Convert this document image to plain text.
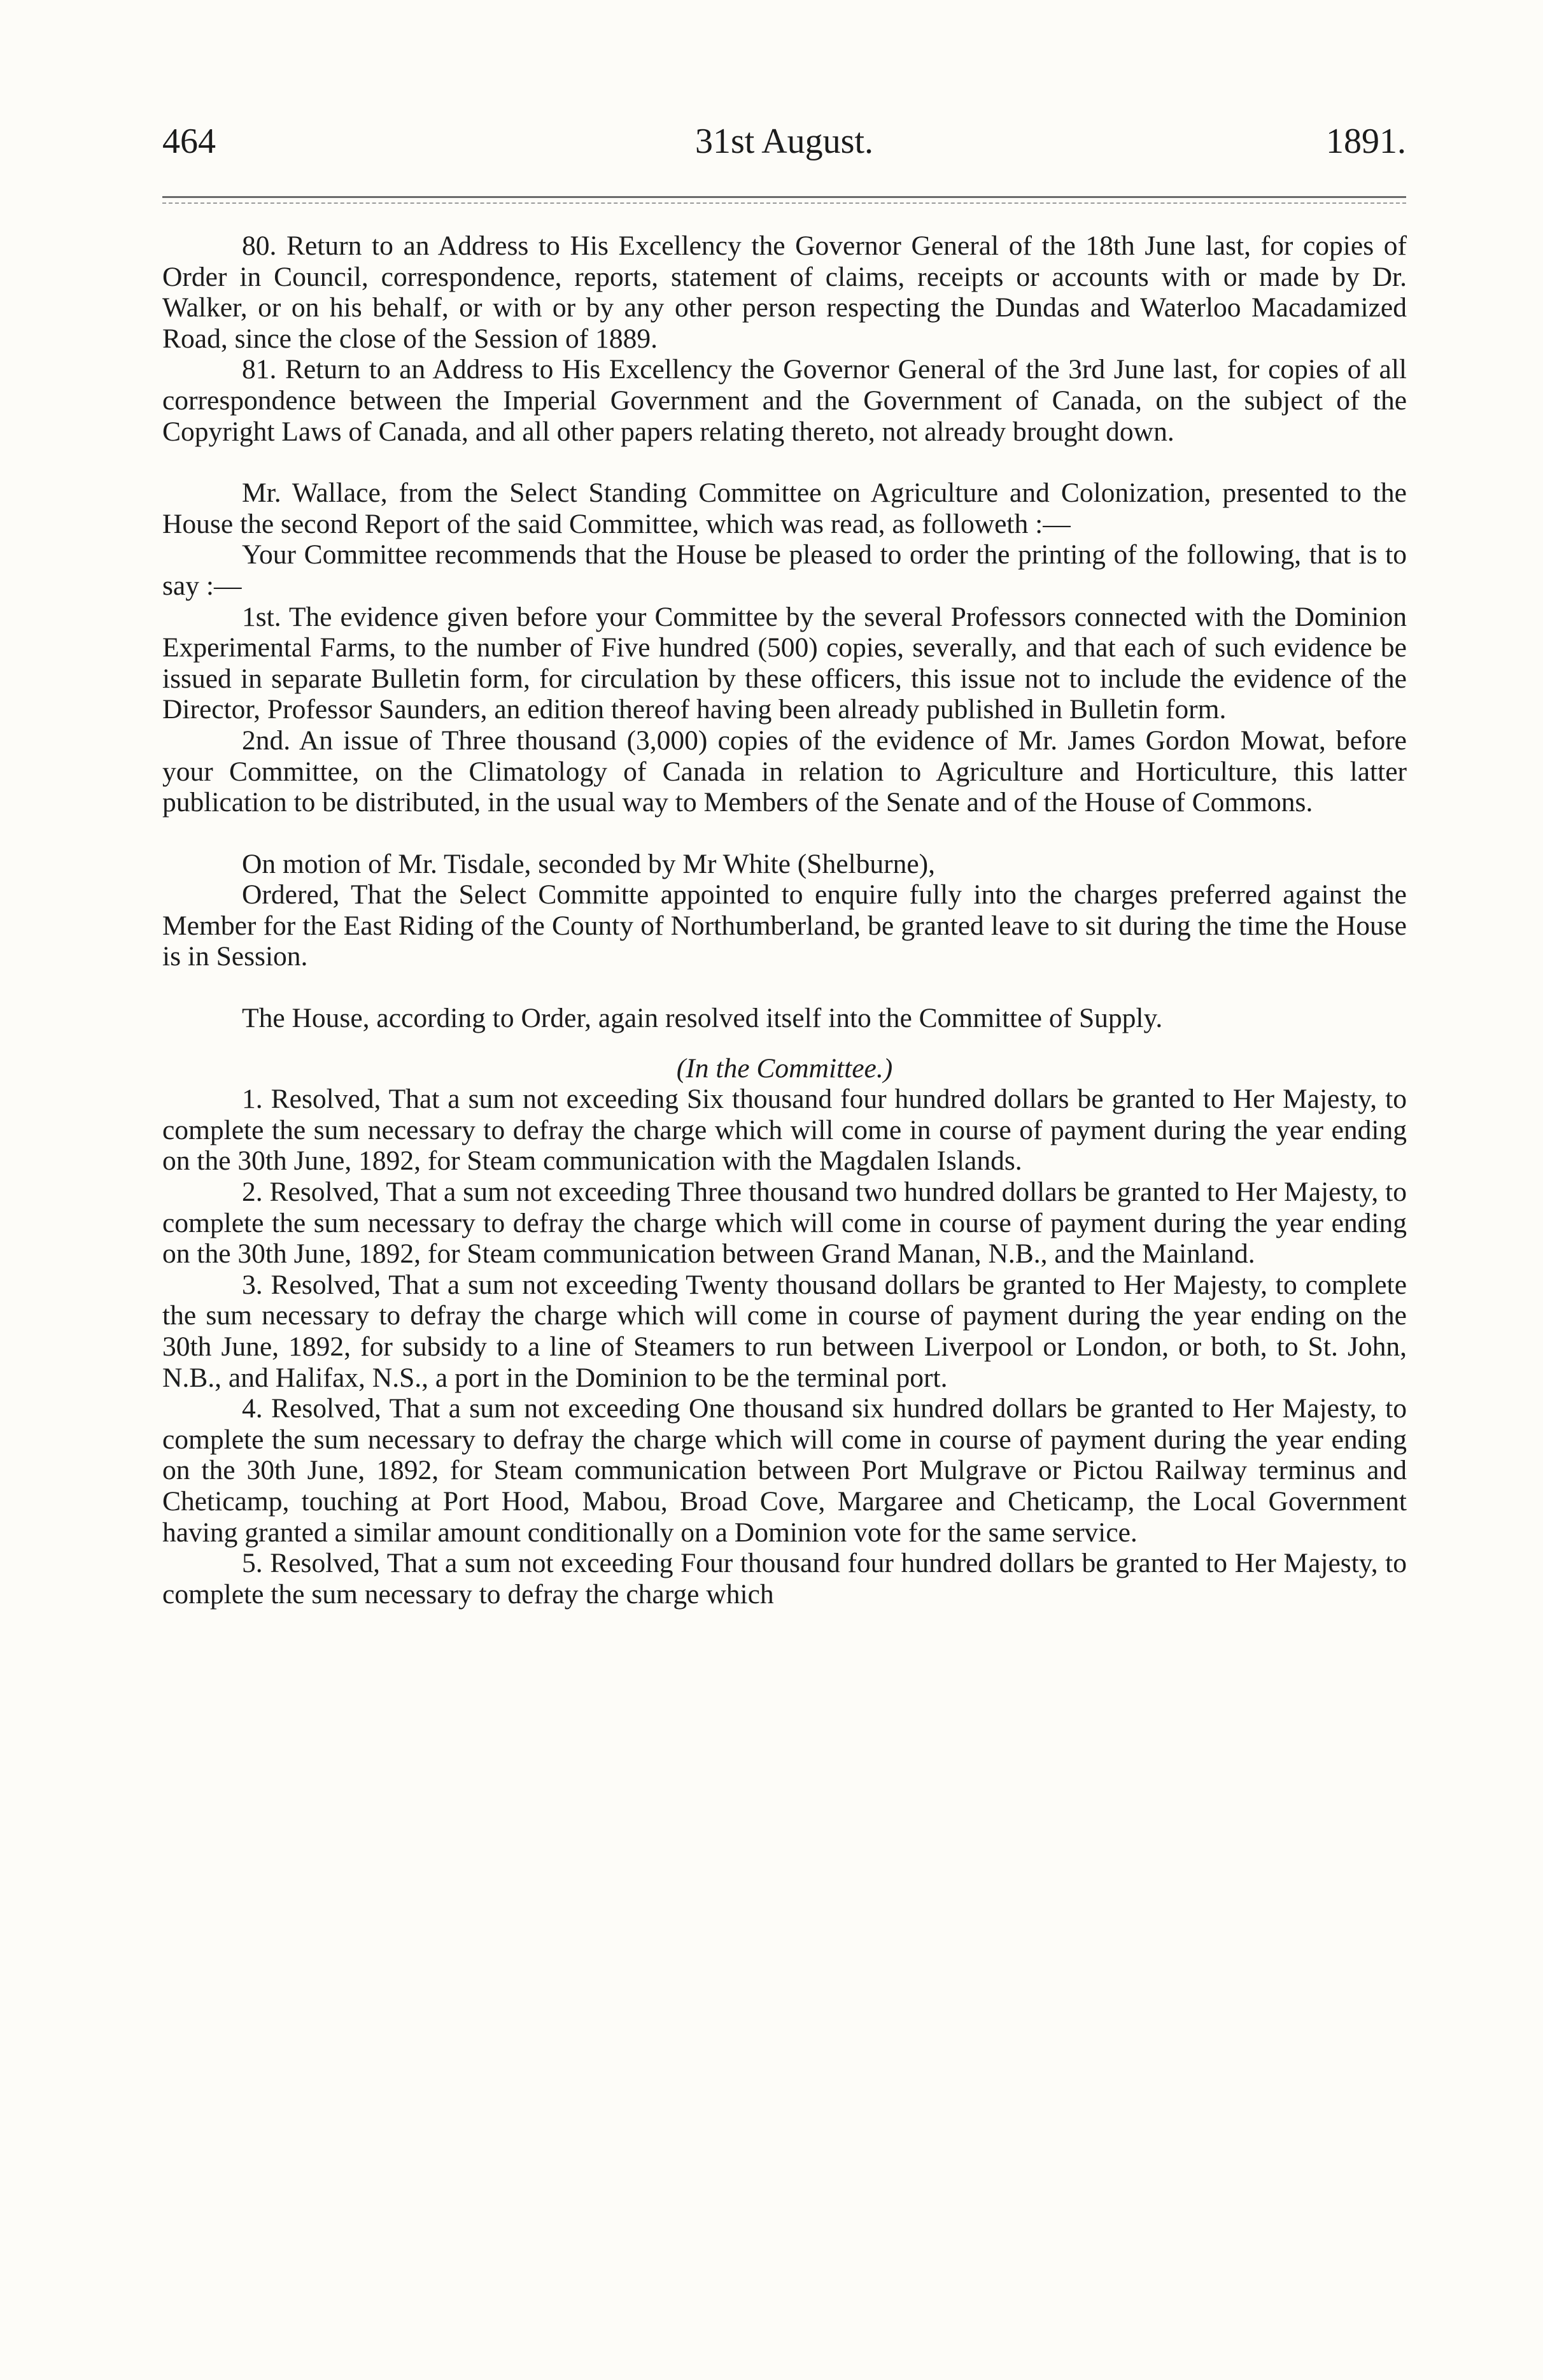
464	31st August.	1891.

80. Return to an Address to His Excellency the Governor General of the 18th June last, for copies of Order in Council, correspondence, reports, statement of claims, receipts or accounts with or made by Dr. Walker, or on his behalf, or with or by any other person respecting the Dundas and Waterloo Macadamized Road, since the close of the Session of 1889.

81. Return to an Address to His Excellency the Governor General of the 3rd June last, for copies of all correspondence between the Imperial Government and the Government of Canada, on the subject of the Copyright Laws of Canada, and all other papers relating thereto, not already brought down.

Mr. Wallace, from the Select Standing Committee on Agriculture and Colonization, presented to the House the second Report of the said Committee, which was read, as followeth :—

Your Committee recommends that the House be pleased to order the printing of the following, that is to say :—

1st. The evidence given before your Committee by the several Professors connected with the Dominion Experimental Farms, to the number of Five hundred (500) copies, severally, and that each of such evidence be issued in separate Bulletin form, for circulation by these officers, this issue not to include the evidence of the Director, Professor Saunders, an edition thereof having been already published in Bulletin form.

2nd. An issue of Three thousand (3,000) copies of the evidence of Mr. James Gordon Mowat, before your Committee, on the Climatology of Canada in relation to Agriculture and Horticulture, this latter publication to be distributed, in the usual way to Members of the Senate and of the House of Commons.

On motion of Mr. Tisdale, seconded by Mr White (Shelburne),

Ordered, That the Select Committe appointed to enquire fully into the charges preferred against the Member for the East Riding of the County of Northumberland, be granted leave to sit during the time the House is in Session.

The House, according to Order, again resolved itself into the Committee of Supply.

(In the Committee.)

1. Resolved, That a sum not exceeding Six thousand four hundred dollars be granted to Her Majesty, to complete the sum necessary to defray the charge which will come in course of payment during the year ending on the 30th June, 1892, for Steam communication with the Magdalen Islands.

2. Resolved, That a sum not exceeding Three thousand two hundred dollars be granted to Her Majesty, to complete the sum necessary to defray the charge which will come in course of payment during the year ending on the 30th June, 1892, for Steam communication between Grand Manan, N.B., and the Mainland.

3. Resolved, That a sum not exceeding Twenty thousand dollars be granted to Her Majesty, to complete the sum necessary to defray the charge which will come in course of payment during the year ending on the 30th June, 1892, for subsidy to a line of Steamers to run between Liverpool or London, or both, to St. John, N.B., and Halifax, N.S., a port in the Dominion to be the terminal port.

4. Resolved, That a sum not exceeding One thousand six hundred dollars be granted to Her Majesty, to complete the sum necessary to defray the charge which will come in course of payment during the year ending on the 30th June, 1892, for Steam communication between Port Mulgrave or Pictou Railway terminus and Cheticamp, touching at Port Hood, Mabou, Broad Cove, Margaree and Cheticamp, the Local Government having granted a similar amount conditionally on a Dominion vote for the same service.

5. Resolved, That a sum not exceeding Four thousand four hundred dollars be granted to Her Majesty, to complete the sum necessary to defray the charge which
